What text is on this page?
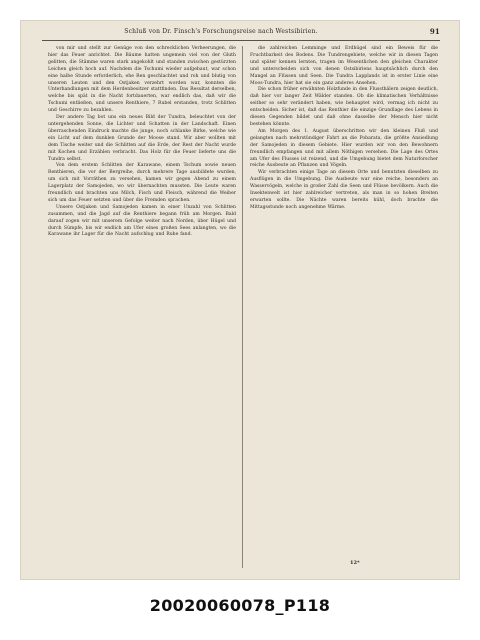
Schluß von Dr. Finsch's Forschungsreise nach Westsibirien.	91

von mir und stellt zur Genüge von den schrecklichen Verheerungen, die hier das Feuer anrichtet. Die Bäume hatten ungemein viel von der Gluth gelitten, die Stämme waren stark angekohlt und standen zwischen gestürzten Leichen gleich hoch auf. Nachdem die Tschumi wieder aufgebaut, war schon eine halbe Stunde erforderlich, ehe Ren geschlachtet und roh und blutig von unseren Leuten und den Ostjaken verzehrt worden war, konnten die Unterhandlungen mit dem Herdenbesitzer stattfinden. Das Resultat derselben, welche bis spät in die Nacht fortdauerten, war endlich das, daß wir die Tschumi entließen, und unsere Renthiere, 7 Rubel erstanden, trotz Schlitten und Geschirre zu bezahlen.

Der andere Tag bot uns ein neues Bild der Tundra, beleuchtet von der untergehenden Sonne, die Lichter und Schatten in der Landschaft. Einen überraschenden Eindruck machte die junge, noch schlanke Birke, welche wie ein Licht auf dem dunklen Grunde der Moose stand. Wir aber wollten mit dem Tische weiter und die Schlitten auf die Erde, der Rest der Nacht wurde mit Kochen und Erzählen verbracht. Das Holz für die Feuer lieferte uns die Tundra selbst.

Von dem erstem Schlitten der Karawane, einem Tschum sowie neuen Renthieren, die vor der Bergreihe, durch mehrere Tage ausbildete wurden, um sich mit Vorräthen zu versehen, kamen wir gegen Abend zu einem Lagerplatz der Samojeden, wo wir übernachten mussten. Die Leute waren freundlich und brachten uns Milch, Fisch und Fleisch, während die Weiber sich um das Feuer setzten und über die Fremden sprachen.

Unsere Ostjaken und Samojeden kamen in einer Unzahl von Schlitten zusammen, und die Jagd auf die Renthiere begann früh am Morgen. Bald darauf zogen wir mit unserem Gefolge weiter nach Norden, über Hügel und durch Sümpfe, bis wir endlich am Ufer eines großen Sees anlangten, wo die Karawane ihr Lager für die Nacht aufschlug und Ruhe fand.

die zahlreichen Lemminge und Erdhügel sind ein Beweis für die Fruchtbarkeit des Bodens. Die Tundrengebiete, welche wir in diesen Tagen und später kennen lernten, tragen im Wesentlichen den gleichen Charakter und unterscheiden sich von denen Ostsibiriens hauptsächlich durch den Mangel an Flüssen und Seen. Die Tundra Lapplands ist in erster Linie eine Moos-Tundra, hier hat sie ein ganz anderes Ansehen.

Die schon früher erwähnten Holzfunde in den Flussthälern zeigen deutlich, daß hier vor langer Zeit Wälder standen. Ob die klimatischen Verhältnisse seither so sehr verändert haben, wie behauptet wird, vermag ich nicht zu entscheiden. Sicher ist, daß das Renthier die einzige Grundlage des Lebens in diesen Gegenden bildet und daß ohne dasselbe der Mensch hier nicht bestehen könnte.

Am Morgen des 1. August überschritten wir den kleinen Fluß und gelangten nach mehrstündiger Fahrt an die Pobarata, die größte Ansiedlung der Samojeden in diesem Gebiete. Hier wurden wir von den Bewohnern freundlich empfangen und mit allem Nöthigen versehen. Die Lage des Ortes am Ufer des Flusses ist reizend, und die Umgebung bietet dem Naturforscher reiche Ausbeute an Pflanzen und Vögeln.

Wir verbrachten einige Tage an diesem Orte und benutzten dieselben zu Ausflügen in die Umgebung. Die Ausbeute war eine reiche, besonders an Wasservögeln, welche in großer Zahl die Seen und Flüsse bevölkern. Auch die Insektenwelt ist hier zahlreicher vertreten, als man in so hohen Breiten erwarten sollte. Die Nächte waren bereits kühl, doch brachte die Mittagsstunde noch angenehme Wärme.

12*
20020060078_P118
